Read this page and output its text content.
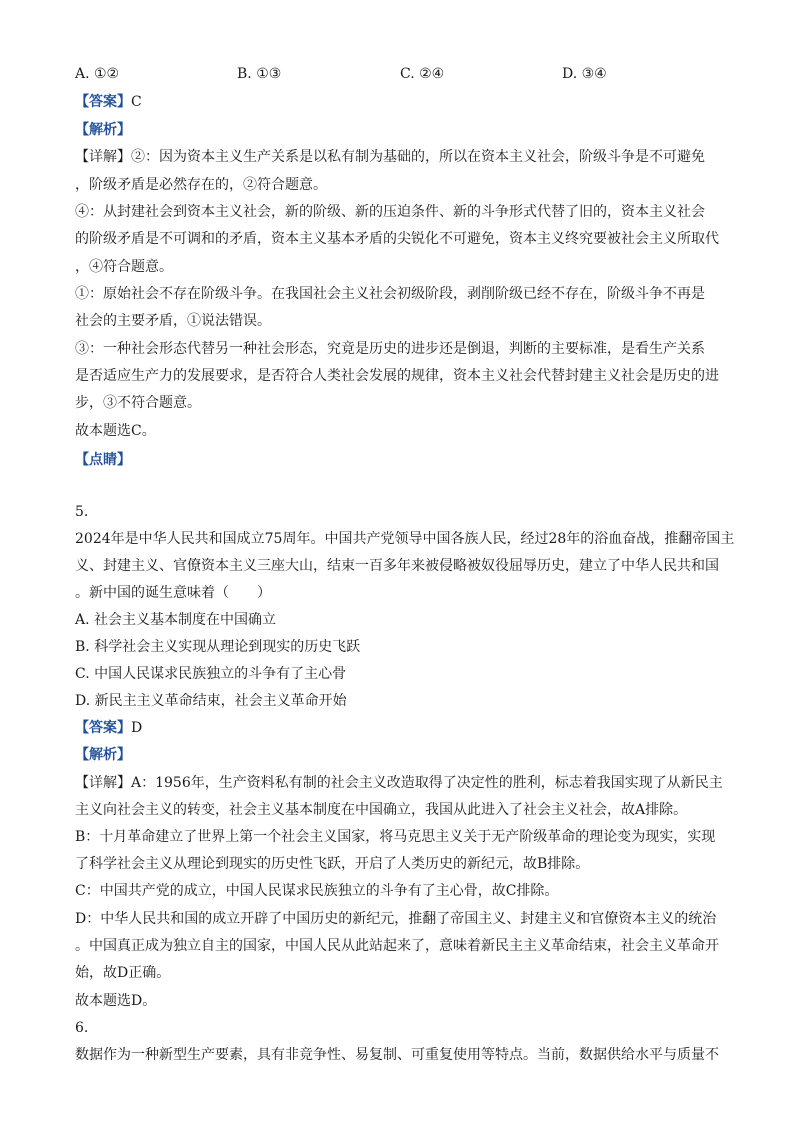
A. ①②	B. ①③	C. ②④	D. ③④
【答案】C
【解析】
【详解】②：因为资本主义生产关系是以私有制为基础的，所以在资本主义社会，阶级斗争是不可避免
，阶级矛盾是必然存在的，②符合题意。
④：从封建社会到资本主义社会，新的阶级、新的压迫条件、新的斗争形式代替了旧的，资本主义社会
的阶级矛盾是不可调和的矛盾，资本主义基本矛盾的尖锐化不可避免，资本主义终究要被社会主义所取代
，④符合题意。
①：原始社会不存在阶级斗争。在我国社会主义社会初级阶段，剥削阶级已经不存在，阶级斗争不再是
社会的主要矛盾，①说法错误。
③：一种社会形态代替另一种社会形态，究竟是历史的进步还是倒退，判断的主要标准，是看生产关系
是否适应生产力的发展要求，是否符合人类社会发展的规律，资本主义社会代替封建主义社会是历史的进
步，③不符合题意。
故本题选C。
【点睛】
5.
2024年是中华人民共和国成立75周年。中国共产党领导中国各族人民，经过28年的浴血奋战，推翻帝国主
义、封建主义、官僚资本主义三座大山，结束一百多年来被侵略被奴役屈辱历史，建立了中华人民共和国
。新中国的诞生意味着（　　）
A. 社会主义基本制度在中国确立
B. 科学社会主义实现从理论到现实的历史飞跃
C. 中国人民谋求民族独立的斗争有了主心骨
D. 新民主主义革命结束，社会主义革命开始
【答案】D
【解析】
【详解】A：1956年，生产资料私有制的社会主义改造取得了决定性的胜利，标志着我国实现了从新民主
主义向社会主义的转变，社会主义基本制度在中国确立，我国从此进入了社会主义社会，故A排除。
B：十月革命建立了世界上第一个社会主义国家，将马克思主义关于无产阶级革命的理论变为现实，实现
了科学社会主义从理论到现实的历史性飞跃，开启了人类历史的新纪元，故B排除。
C：中国共产党的成立，中国人民谋求民族独立的斗争有了主心骨，故C排除。
D：中华人民共和国的成立开辟了中国历史的新纪元，推翻了帝国主义、封建主义和官僚资本主义的统治
。中国真正成为独立自主的国家，中国人民从此站起来了，意味着新民主主义革命结束，社会主义革命开
始，故D正确。
故本题选D。
6.
数据作为一种新型生产要素，具有非竞争性、易复制、可重复使用等特点。当前，数据供给水平与质量不
